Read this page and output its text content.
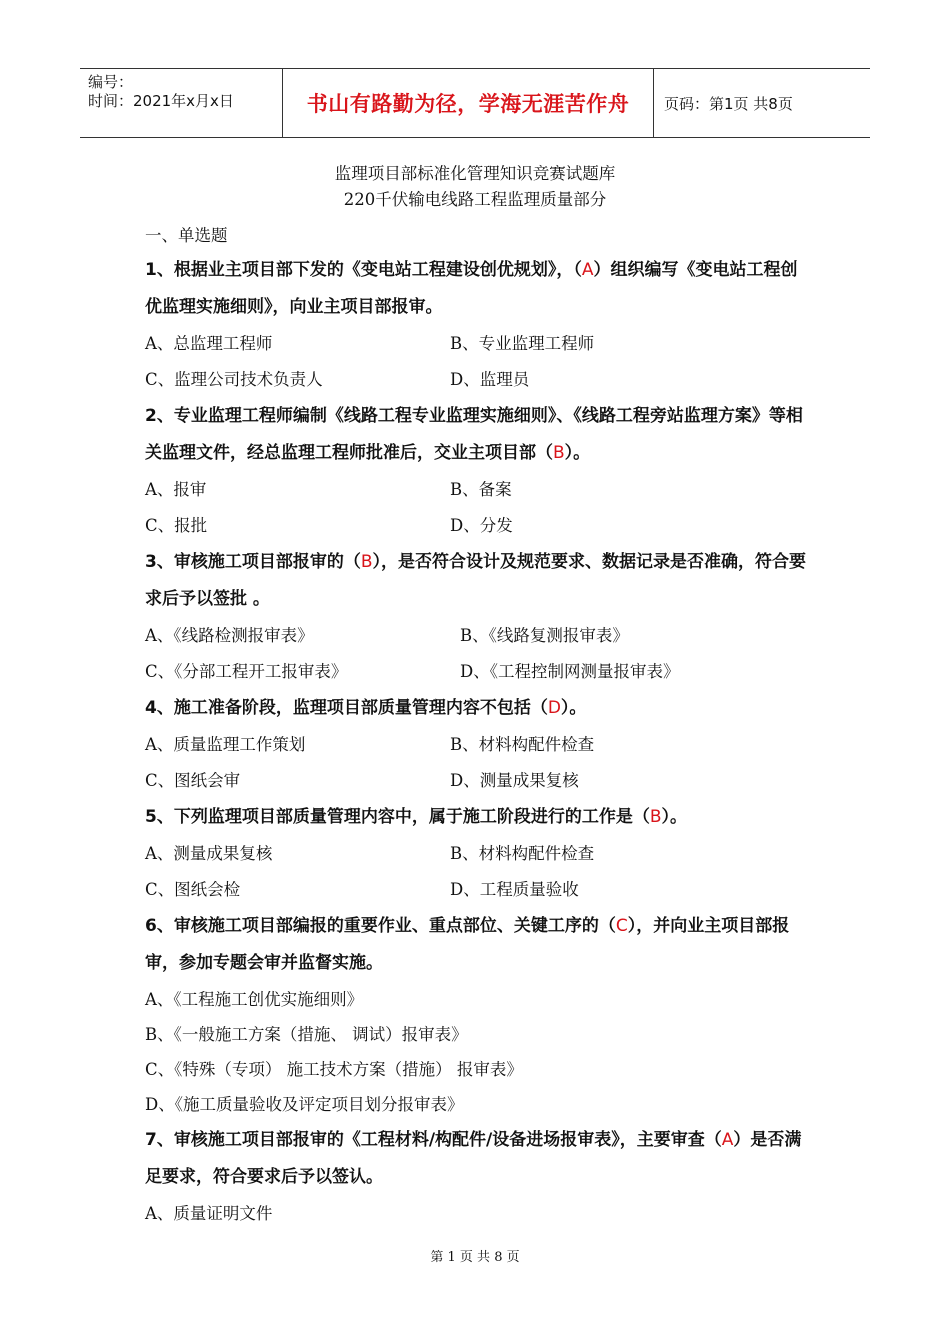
编号：
时间：2021年x月x日	书山有路勤为径，学海无涯苦作舟 页码：第1页 共8页
监理项目部标准化管理知识竞赛试题库
220千伏输电线路工程监理质量部分
一、单选题
1、根据业主项目部下发的《变电站工程建设创优规划》，（A）组织编写《变电站工程创优监理实施细则》，向业主项目部报审。
A、总监理工程师	B、专业监理工程师
C、监理公司技术负责人	D、监理员
2、专业监理工程师编制《线路工程专业监理实施细则》、《线路工程旁站监理方案》等相关监理文件，经总监理工程师批准后，交业主项目部（B）。
A、报审	B、备案
C、报批	D、分发
3、审核施工项目部报审的（B），是否符合设计及规范要求、数据记录是否准确，符合要求后予以签批 。
A、《线路检测报审表》	B、《线路复测报审表》
C、《分部工程开工报审表》	D、《工程控制网测量报审表》
4、施工准备阶段，监理项目部质量管理内容不包括（D）。
A、质量监理工作策划	B、材料构配件检查
C、图纸会审	D、测量成果复核
5、下列监理项目部质量管理内容中，属于施工阶段进行的工作是（B）。
A、测量成果复核	B、材料构配件检查
C、图纸会检	D、工程质量验收
6、审核施工项目部编报的重要作业、重点部位、关键工序的（C），并向业主项目部报审，参加专题会审并监督实施。
A、《工程施工创优实施细则》
B、《一般施工方案（措施、 调试）报审表》
C、《特殊（专项） 施工技术方案（措施） 报审表》
D、《施工质量验收及评定项目划分报审表》
7、审核施工项目部报审的《工程材料/构配件/设备进场报审表》，主要审查（A）是否满足要求，符合要求后予以签认。
A、质量证明文件
第 1 页 共 8 页
